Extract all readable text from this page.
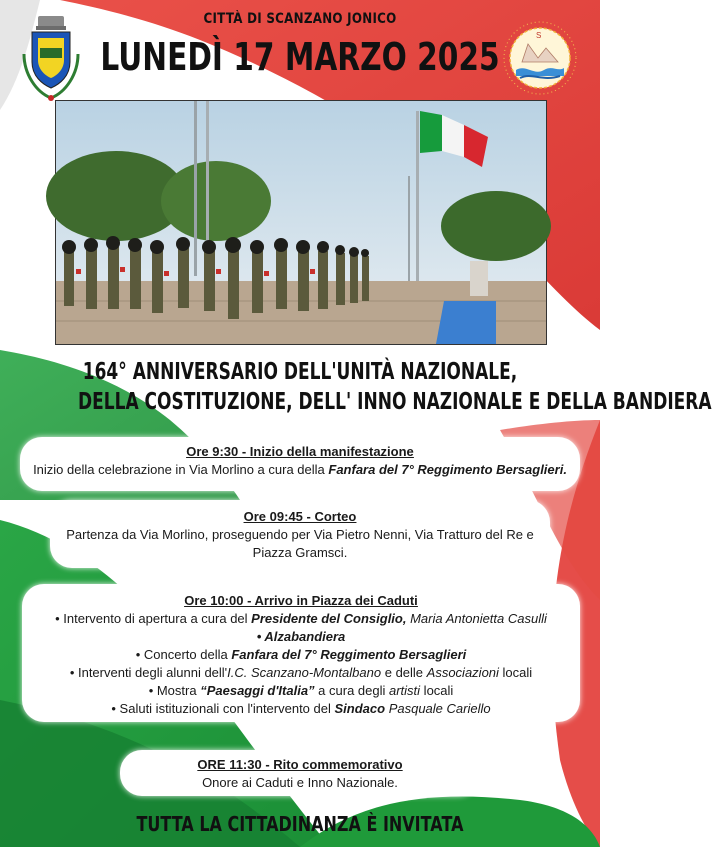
CITTÀ DI SCANZANO JONICO
LUNEDÌ 17 MARZO 2025	S
164° ANNIVERSARIO DELL'UNITÀ NAZIONALE,
DELLA COSTITUZIONE, DELL' INNO NAZIONALE E DELLA BANDIERA
Ore 9:30 - Inizio della manifestazione
Inizio della celebrazione in Via Morlino a cura della Fanfara del 7° Reggimento Bersaglieri.
Ore 09:45 - Corteo
Partenza da Via Morlino, proseguendo per Via Pietro Nenni, Via Tratturo del Re e
Piazza Gramsci.
Ore 10:00 - Arrivo in Piazza dei Caduti
• Intervento di apertura a cura del Presidente del Consiglio, Maria Antonietta Casulli
• Alzabandiera
• Concerto della Fanfara del 7° Reggimento Bersaglieri
• Interventi degli alunni dell'I.C. Scanzano-Montalbano e delle Associazioni locali
• Mostra “Paesaggi d'Italia” a cura degli artisti locali
• Saluti istituzionali con l'intervento del Sindaco Pasquale Cariello
ORE 11:30 - Rito commemorativo
Onore ai Caduti e Inno Nazionale.
TUTTA LA CITTADINANZA È INVITATA
